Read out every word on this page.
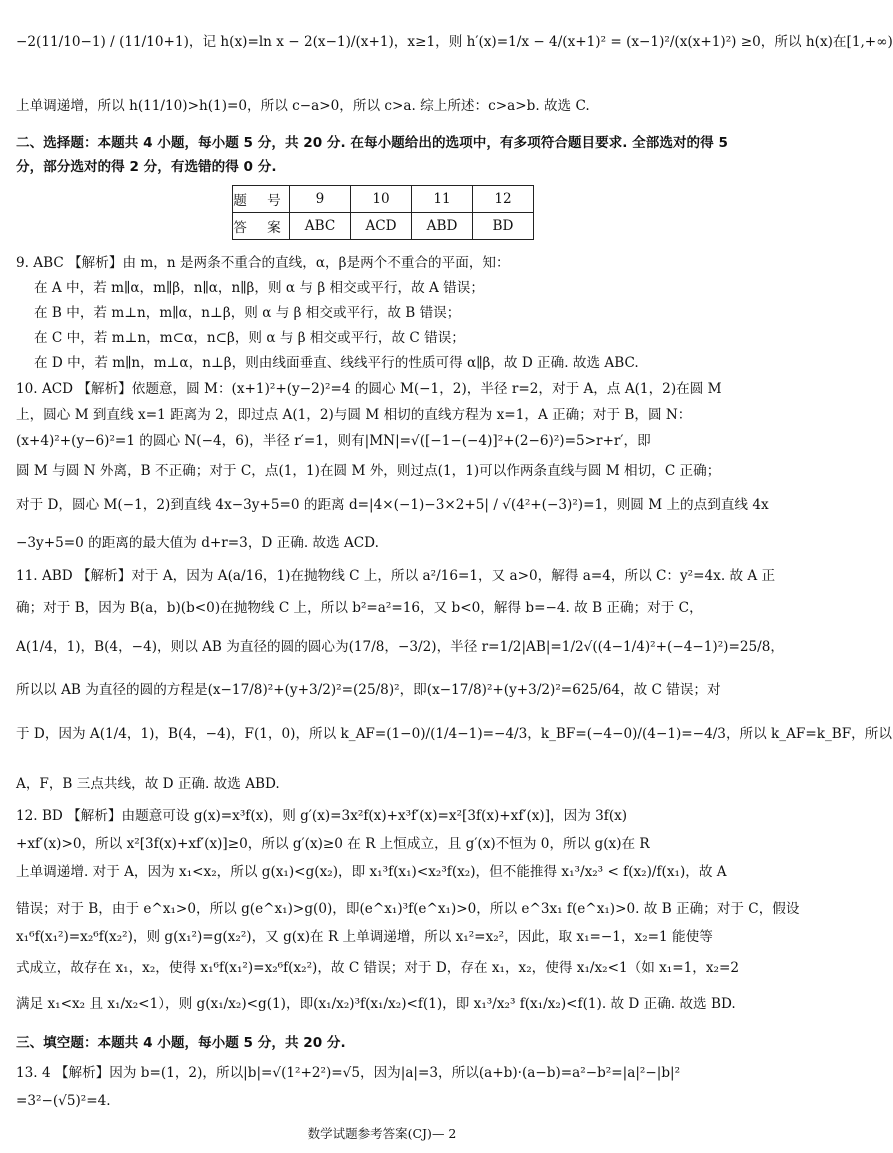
−2(11/10−1) / (11/10+1)，记 h(x)=ln x − 2(x−1)/(x+1)，x≥1，则 h′(x)=1/x − 4/(x+1)² = (x−1)²/(x(x+1)²) ≥0，所以 h(x)在[1,+∞)
上单调递增，所以 h(11/10)>h(1)=0，所以 c−a>0，所以 c>a. 综上所述：c>a>b. 故选 C.
二、选择题：本题共 4 小题，每小题 5 分，共 20 分. 在每小题给出的选项中，有多项符合题目要求. 全部选对的得 5
分，部分选对的得 2 分，有选错的得 0 分.
题 号	9	10	11	12
答 案	ABC	ACD	ABD	BD
9. ABC 【解析】由 m，n 是两条不重合的直线，α，β是两个不重合的平面，知：
在 A 中，若 m∥α，m∥β，n∥α，n∥β，则 α 与 β 相交或平行，故 A 错误；
在 B 中，若 m⊥n，m∥α，n⊥β，则 α 与 β 相交或平行，故 B 错误；
在 C 中，若 m⊥n，m⊂α，n⊂β，则 α 与 β 相交或平行，故 C 错误；
在 D 中，若 m∥n，m⊥α，n⊥β，则由线面垂直、线线平行的性质可得 α∥β，故 D 正确. 故选 ABC.
10. ACD 【解析】依题意，圆 M：(x+1)²+(y−2)²=4 的圆心 M(−1，2)，半径 r=2，对于 A，点 A(1，2)在圆 M
上，圆心 M 到直线 x=1 距离为 2，即过点 A(1，2)与圆 M 相切的直线方程为 x=1，A 正确；对于 B，圆 N：
(x+4)²+(y−6)²=1 的圆心 N(−4，6)，半径 r′=1，则有|MN|=√([−1−(−4)]²+(2−6)²)=5>r+r′，即
圆 M 与圆 N 外离，B 不正确；对于 C，点(1，1)在圆 M 外，则过点(1，1)可以作两条直线与圆 M 相切，C 正确；
对于 D，圆心 M(−1，2)到直线 4x−3y+5=0 的距离 d=|4×(−1)−3×2+5| / √(4²+(−3)²)=1，则圆 M 上的点到直线 4x
−3y+5=0 的距离的最大值为 d+r=3，D 正确. 故选 ACD.
11. ABD 【解析】对于 A，因为 A(a/16，1)在抛物线 C 上，所以 a²/16=1，又 a>0，解得 a=4，所以 C：y²=4x. 故 A 正
确；对于 B，因为 B(a，b)(b<0)在抛物线 C 上，所以 b²=a²=16，又 b<0，解得 b=−4. 故 B 正确；对于 C，
A(1/4，1)，B(4，−4)，则以 AB 为直径的圆的圆心为(17/8，−3/2)，半径 r=1/2|AB|=1/2√((4−1/4)²+(−4−1)²)=25/8，
所以以 AB 为直径的圆的方程是(x−17/8)²+(y+3/2)²=(25/8)²，即(x−17/8)²+(y+3/2)²=625/64，故 C 错误；对
于 D，因为 A(1/4，1)，B(4，−4)，F(1，0)，所以 k_AF=(1−0)/(1/4−1)=−4/3，k_BF=(−4−0)/(4−1)=−4/3，所以 k_AF=k_BF，所以
A，F，B 三点共线，故 D 正确. 故选 ABD.
12. BD 【解析】由题意可设 g(x)=x³f(x)，则 g′(x)=3x²f(x)+x³f′(x)=x²[3f(x)+xf′(x)]，因为 3f(x)
+xf′(x)>0，所以 x²[3f(x)+xf′(x)]≥0，所以 g′(x)≥0 在 R 上恒成立，且 g′(x)不恒为 0，所以 g(x)在 R
上单调递增. 对于 A，因为 x₁<x₂，所以 g(x₁)<g(x₂)，即 x₁³f(x₁)<x₂³f(x₂)，但不能推得 x₁³/x₂³ < f(x₂)/f(x₁)，故 A
错误；对于 B，由于 e^x₁>0，所以 g(e^x₁)>g(0)，即(e^x₁)³f(e^x₁)>0，所以 e^3x₁ f(e^x₁)>0. 故 B 正确；对于 C，假设
x₁⁶f(x₁²)=x₂⁶f(x₂²)，则 g(x₁²)=g(x₂²)，又 g(x)在 R 上单调递增，所以 x₁²=x₂²，因此，取 x₁=−1，x₂=1 能使等
式成立，故存在 x₁，x₂，使得 x₁⁶f(x₁²)=x₂⁶f(x₂²)，故 C 错误；对于 D，存在 x₁，x₂，使得 x₁/x₂<1（如 x₁=1，x₂=2
满足 x₁<x₂ 且 x₁/x₂<1），则 g(x₁/x₂)<g(1)，即(x₁/x₂)³f(x₁/x₂)<f(1)，即 x₁³/x₂³ f(x₁/x₂)<f(1). 故 D 正确. 故选 BD.
三、填空题：本题共 4 小题，每小题 5 分，共 20 分.
13. 4 【解析】因为 b=(1，2)，所以|b|=√(1²+2²)=√5，因为|a|=3，所以(a+b)·(a−b)=a²−b²=|a|²−|b|²
=3²−(√5)²=4.
数学试题参考答案(CJ)— 2
